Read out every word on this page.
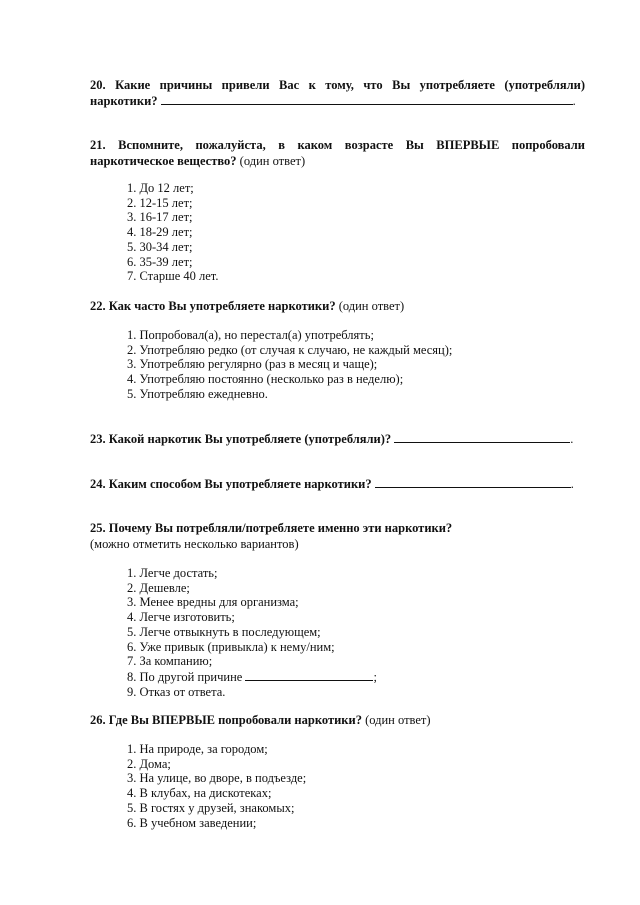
20. Какие причины привели Вас к тому, что Вы употребляете (употребляли)
наркотики?	.
21. Вспомните, пожалуйста, в каком возрасте Вы ВПЕРВЫЕ попробовали
наркотическое вещество? (один ответ)
1. До 12 лет;
2. 12-15 лет;
3. 16-17 лет;
4. 18-29 лет;
5. 30-34 лет;
6. 35-39 лет;
7. Старше 40 лет.
22. Как часто Вы употребляете наркотики? (один ответ)
1. Попробовал(а), но перестал(а) употреблять;
2. Употребляю редко (от случая к случаю, не каждый месяц);
3. Употребляю регулярно (раз в месяц и чаще);
4. Употребляю постоянно (несколько раз в неделю);
5. Употребляю ежедневно.
23. Какой наркотик Вы употребляете (употребляли)?	.
24. Каким способом Вы употребляете наркотики?	.
25. Почему Вы потребляли/потребляете именно эти наркотики?
(можно отметить несколько вариантов)
1. Легче достать;
2. Дешевле;
3. Менее вредны для организма;
4. Легче изготовить;
5. Легче отвыкнуть в последующем;
6. Уже привык (привыкла) к нему/ним;
7. За компанию;
8. По другой причине	;
9. Отказ от ответа.
26. Где Вы ВПЕРВЫЕ попробовали наркотики? (один ответ)
1. На природе, за городом;
2. Дома;
3. На улице, во дворе, в подъезде;
4. В клубах, на дискотеках;
5. В гостях у друзей, знакомых;
6. В учебном заведении;
